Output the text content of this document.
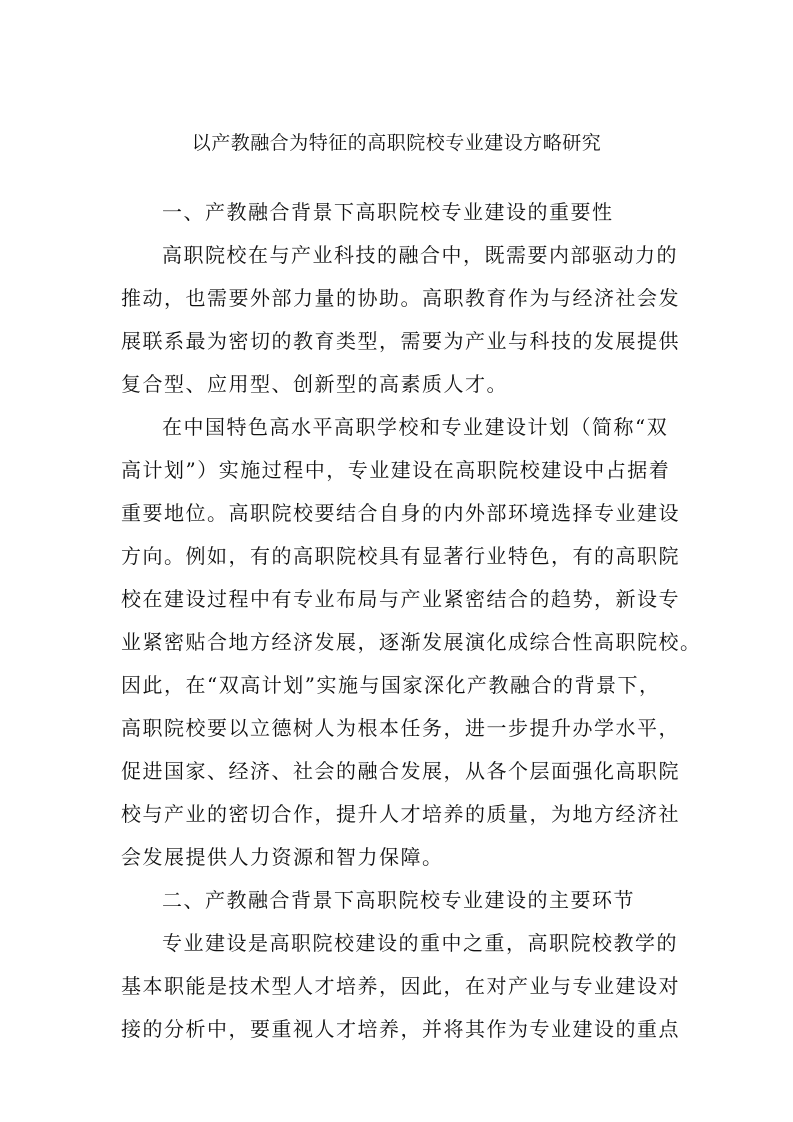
以产教融合为特征的高职院校专业建设方略研究
一、产教融合背景下高职院校专业建设的重要性
高职院校在与产业科技的融合中，既需要内部驱动力的
推动，也需要外部力量的协助。高职教育作为与经济社会发
展联系最为密切的教育类型，需要为产业与科技的发展提供
复合型、应用型、创新型的高素质人才。
在中国特色高水平高职学校和专业建设计划（简称“双
高计划”）实施过程中，专业建设在高职院校建设中占据着
重要地位。高职院校要结合自身的内外部环境选择专业建设
方向。例如，有的高职院校具有显著行业特色，有的高职院
校在建设过程中有专业布局与产业紧密结合的趋势，新设专
业紧密贴合地方经济发展，逐渐发展演化成综合性高职院校。
因此，在“双高计划”实施与国家深化产教融合的背景下，
高职院校要以立德树人为根本任务，进一步提升办学水平，
促进国家、经济、社会的融合发展，从各个层面强化高职院
校与产业的密切合作，提升人才培养的质量，为地方经济社
会发展提供人力资源和智力保障。
二、产教融合背景下高职院校专业建设的主要环节
专业建设是高职院校建设的重中之重，高职院校教学的
基本职能是技术型人才培养，因此，在对产业与专业建设对
接的分析中，要重视人才培养，并将其作为专业建设的重点
